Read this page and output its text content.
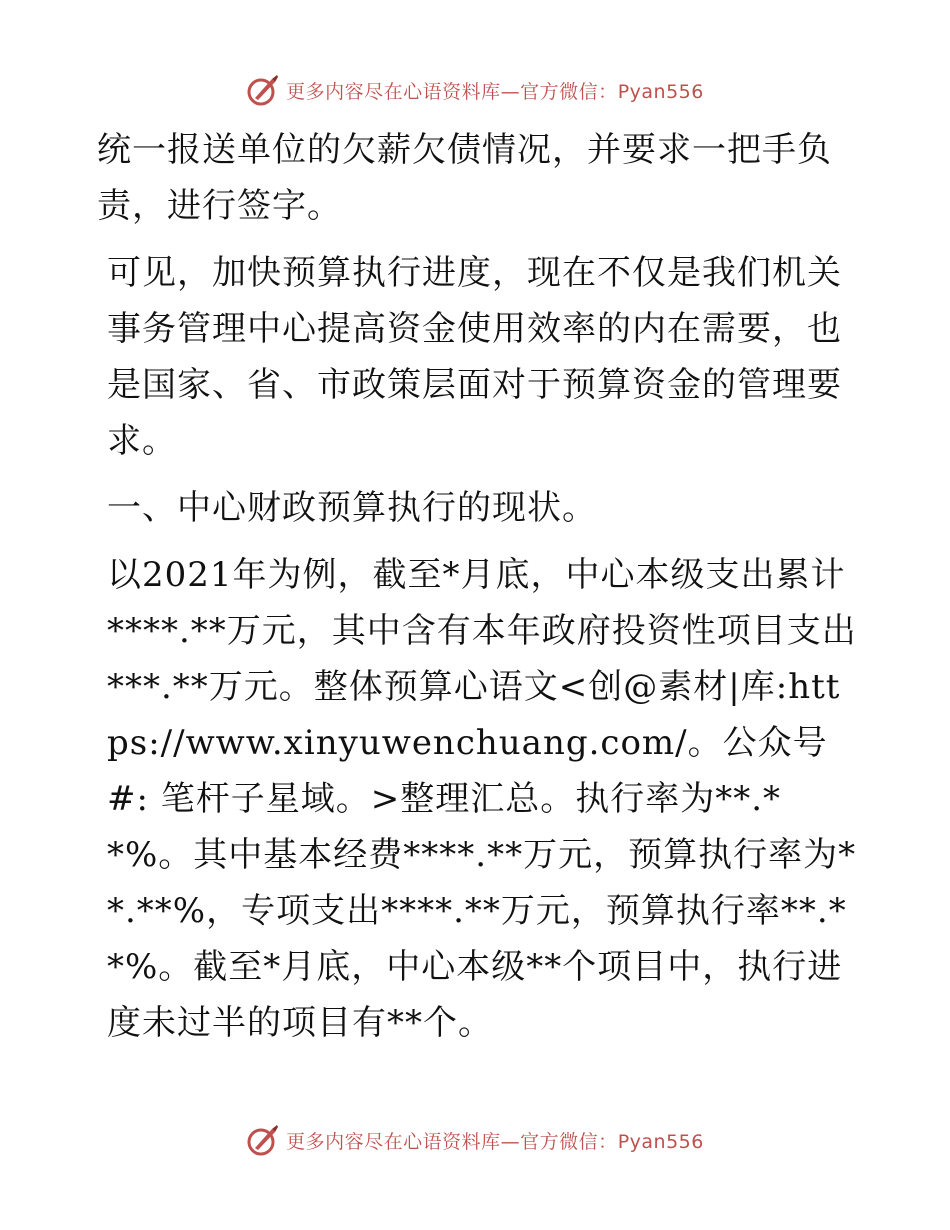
更多内容尽在心语资料库—官方微信：Pyan556

统一报送单位的欠薪欠债情况，并要求一把手负责，进行签字。

可见，加快预算执行进度，现在不仅是我们机关事务管理中心提高资金使用效率的内在需要，也是国家、省、市政策层面对于预算资金的管理要求。

一、中心财政预算执行的现状。

以2021年为例，截至*月底，中心本级支出累计****.**万元，其中含有本年政府投资性项目支出***.**万元。整体预算心语文<创@素材|库:https://www.xinyuwenchuang.com/。公众号#: 笔杆子星域。>整理汇总。执行率为**.**%。其中基本经费****.**万元，预算执行率为**.**%，专项支出****.**万元，预算执行率**.**%。截至*月底，中心本级**个项目中，执行进度未过半的项目有**个。

更多内容尽在心语资料库—官方微信：Pyan556
